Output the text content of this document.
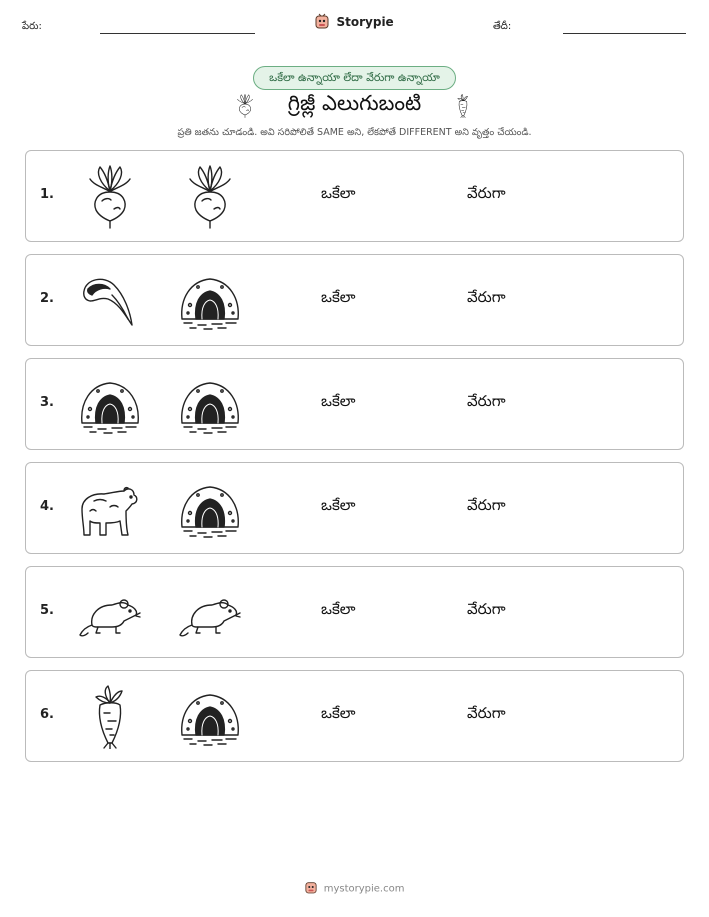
పేరు:	Storypie	తేదీ:
ఒకేలా ఉన్నాయా లేదా వేరుగా ఉన్నాయా
గ్రిజ్లీ ఎలుగుబంటి
ప్రతి జతను చూడండి. అవి సరిపోలితే SAME అని, లేకపోతే DIFFERENT అని వృత్తం చేయండి.
1.	ఒకేలా	వేరుగా
2.	ఒకేలా	వేరుగా
3.	ఒకేలా	వేరుగా
4.	ఒకేలా	వేరుగా
5.	ఒకేలా	వేరుగా
6.	ఒకేలా	వేరుగా
mystorypie.com
